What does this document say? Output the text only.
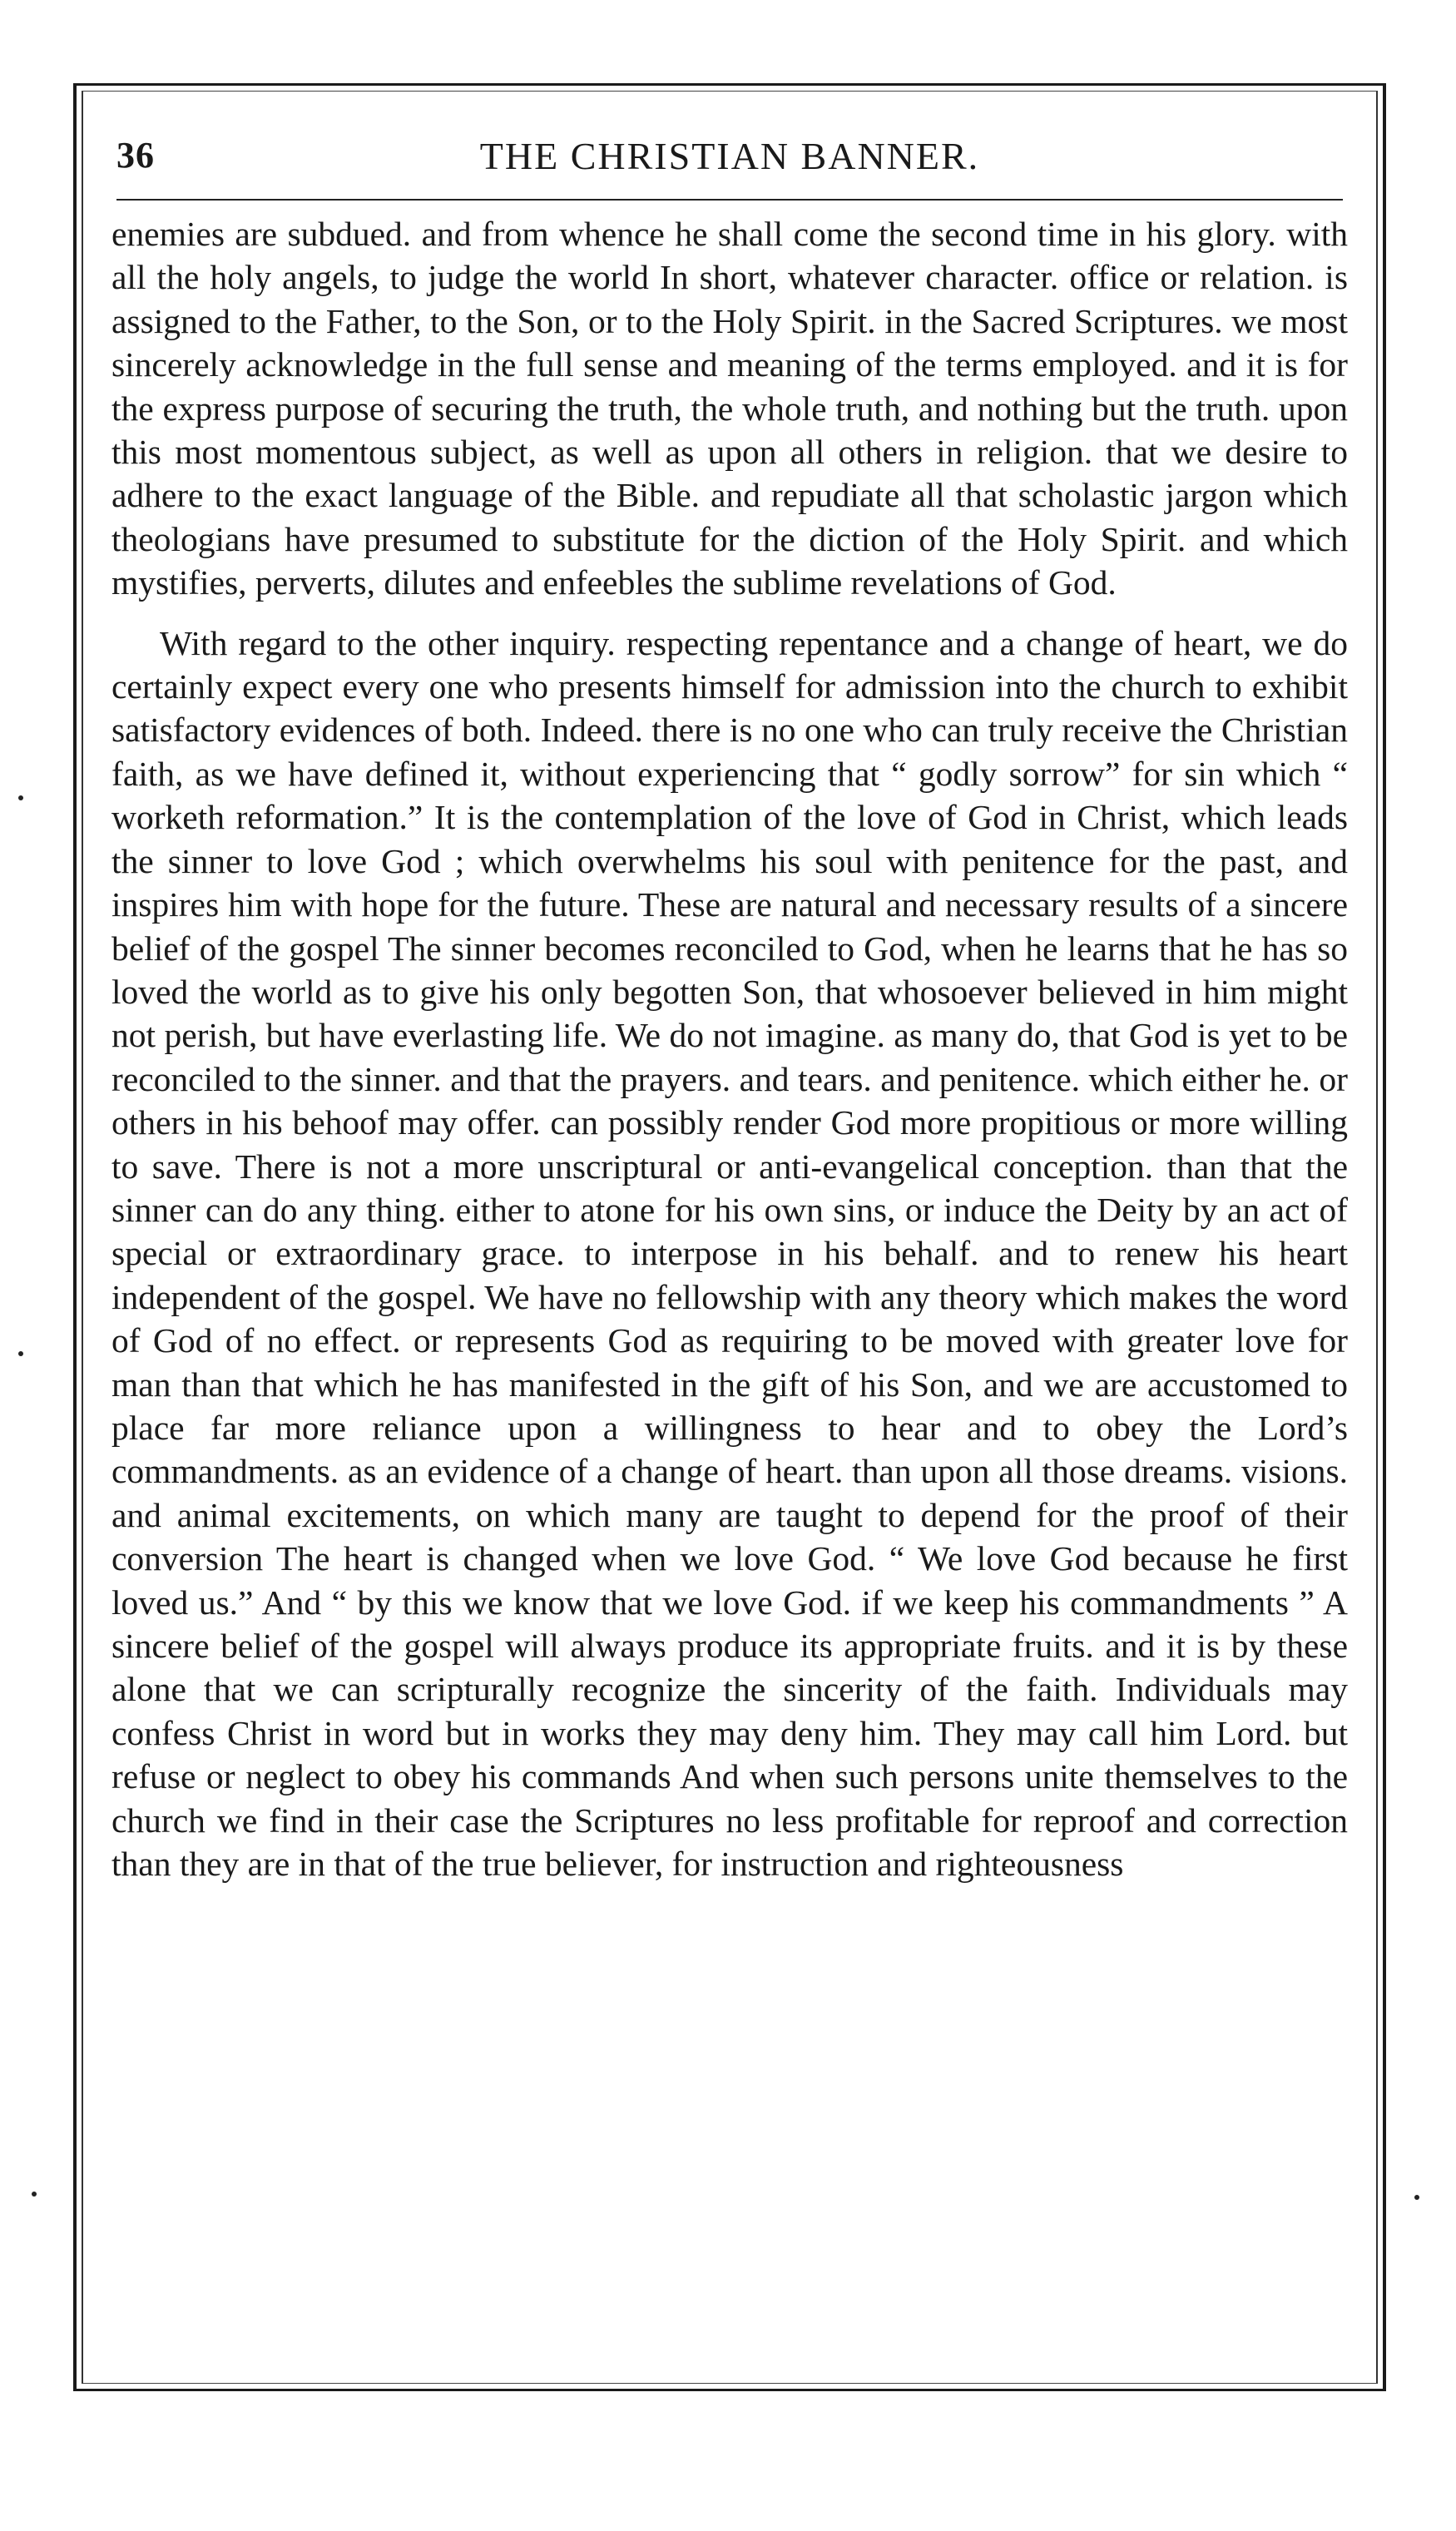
36	THE CHRISTIAN BANNER.

enemies are subdued. and from whence he shall come the second time in his glory. with all the holy angels, to judge the world In short, whatever character. office or relation. is assigned to the Father, to the Son, or to the Holy Spirit. in the Sacred Scriptures. we most sincerely acknowledge in the full sense and meaning of the terms employed. and it is for the express purpose of securing the truth, the whole truth, and nothing but the truth. upon this most momentous subject, as well as upon all others in religion. that we desire to adhere to the exact language of the Bible. and repudiate all that scholastic jargon which theologians have presumed to substitute for the diction of the Holy Spirit. and which mystifies, perverts, dilutes and enfeebles the sublime revelations of God.

With regard to the other inquiry. respecting repentance and a change of heart, we do certainly expect every one who presents himself for admission into the church to exhibit satisfactory evidences of both. Indeed. there is no one who can truly receive the Christian faith, as we have defined it, without experiencing that “ godly sorrow” for sin which “ worketh reformation.” It is the contemplation of the love of God in Christ, which leads the sinner to love God ; which overwhelms his soul with penitence for the past, and inspires him with hope for the future. These are natural and necessary results of a sincere belief of the gospel The sinner becomes reconciled to God, when he learns that he has so loved the world as to give his only begotten Son, that whosoever believed in him might not perish, but have everlasting life. We do not imagine. as many do, that God is yet to be reconciled to the sinner. and that the prayers. and tears. and penitence. which either he. or others in his behoof may offer. can possibly render God more propitious or more willing to save. There is not a more unscriptural or anti-evangelical conception. than that the sinner can do any thing. either to atone for his own sins, or induce the Deity by an act of special or extraordinary grace. to interpose in his behalf. and to renew his heart independent of the gospel. We have no fellowship with any theory which makes the word of God of no effect. or represents God as requiring to be moved with greater love for man than that which he has manifested in the gift of his Son, and we are accustomed to place far more reliance upon a willingness to hear and to obey the Lord’s commandments. as an evidence of a change of heart. than upon all those dreams. visions. and animal excitements, on which many are taught to depend for the proof of their conversion The heart is changed when we love God. “ We love God because he first loved us.” And “ by this we know that we love God. if we keep his commandments ” A sincere belief of the gospel will always produce its appropriate fruits. and it is by these alone that we can scripturally recognize the sincerity of the faith. Individuals may confess Christ in word but in works they may deny him. They may call him Lord. but refuse or neglect to obey his commands And when such persons unite themselves to the church we find in their case the Scriptures no less profitable for reproof and correction than they are in that of the true believer, for instruction and righteousness
